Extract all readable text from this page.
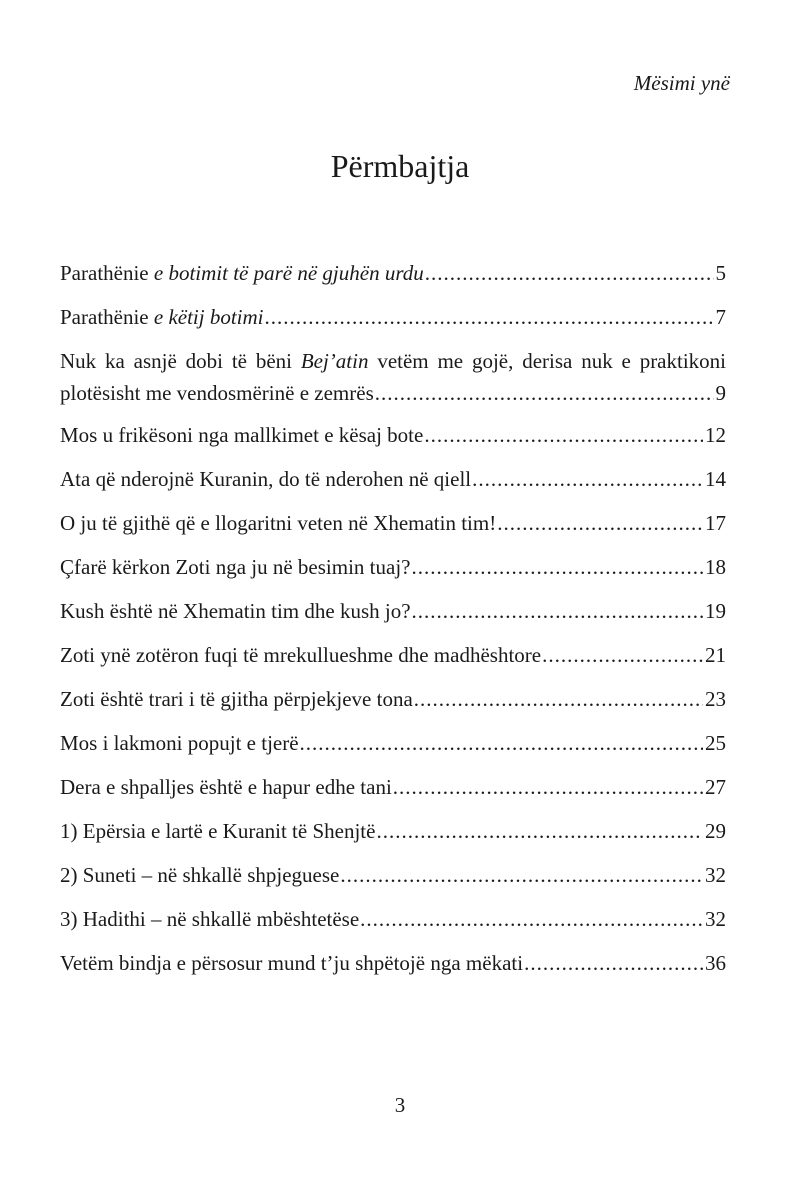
Mësimi ynë
Përmbajtja
Parathënie e botimit të parë në gjuhën urdu .....	5
Parathënie e këtij botimi .....	7
Nuk ka asnjë dobi të bëni Bej’atin vetëm me gojë, derisa nuk e praktikoni
plotësisht me vendosmërinë e zemrës .....	9
Mos u frikësoni nga mallkimet e kësaj bote .....	12
Ata që nderojnë Kuranin, do të nderohen në qiell .....	14
O ju të gjithë që e llogaritni veten në Xhematin tim! .....	17
Çfarë kërkon Zoti nga ju në besimin tuaj? .....	18
Kush është në Xhematin tim dhe kush jo? .....	19
Zoti ynë zotëron fuqi të mrekullueshme dhe madhështore .....	21
Zoti është trari i të gjitha përpjekjeve tona .....	23
Mos i lakmoni popujt e tjerë .....	25
Dera e shpalljes është e hapur edhe tani .....	27
1) Epërsia e lartë e Kuranit të Shenjtë .....	29
2) Suneti – në shkallë shpjeguese .....	32
3) Hadithi – në shkallë mbështetëse .....	32
Vetëm bindja e përsosur mund t’ju shpëtojë nga mëkati .....	36
3
